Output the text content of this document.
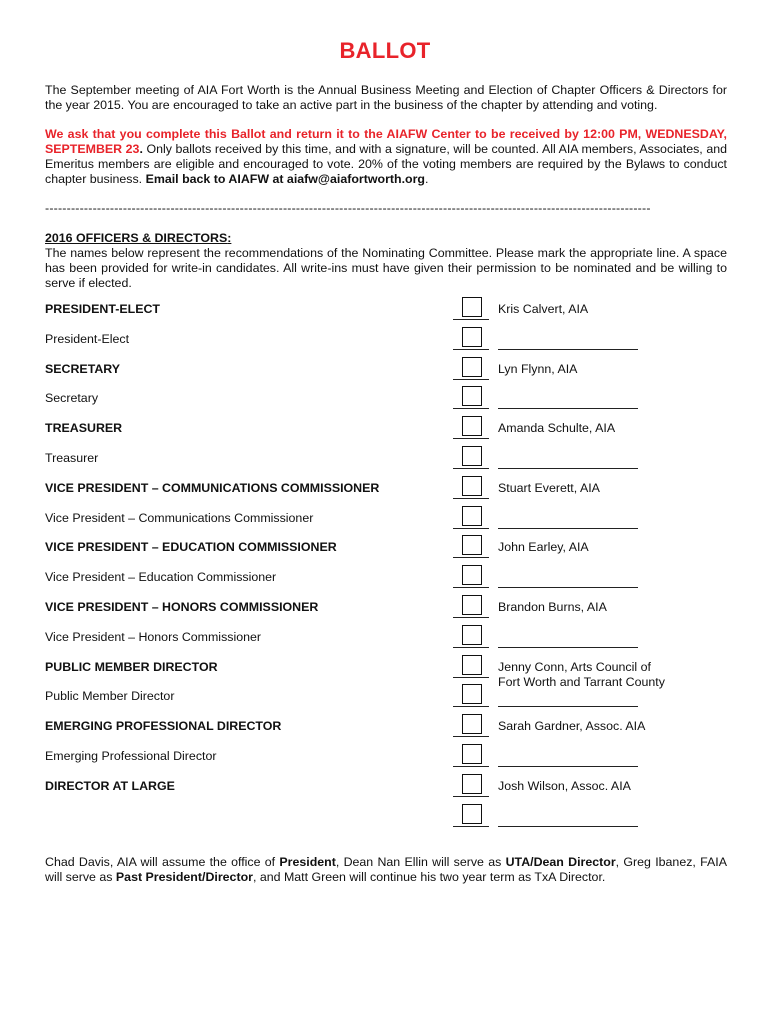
BALLOT
The September meeting of AIA Fort Worth is the Annual Business Meeting and Election of Chapter Officers & Directors for the year 2015. You are encouraged to take an active part in the business of the chapter by attending and voting.
We ask that you complete this Ballot and return it to the AIAFW Center to be received by 12:00 PM, WEDNESDAY, SEPTEMBER 23. Only ballots received by this time, and with a signature, will be counted. All AIA members, Associates, and Emeritus members are eligible and encouraged to vote. 20% of the voting members are required by the Bylaws to conduct chapter business. Email back to AIAFW at aiafw@aiafortworth.org.
--------------------------------------------------------------------------------------------------------------------------------------------
2016 OFFICERS & DIRECTORS:
The names below represent the recommendations of the Nominating Committee. Please mark the appropriate line. A space has been provided for write-in candidates. All write-ins must have given their permission to be nominated and be willing to serve if elected.
PRESIDENT-ELECT	Kris Calvert, AIA
President-Elect
SECRETARY	Lyn Flynn, AIA
Secretary
TREASURER	Amanda Schulte, AIA
Treasurer
VICE PRESIDENT – COMMUNICATIONS COMMISSIONER	Stuart Everett, AIA
Vice President – Communications Commissioner
VICE PRESIDENT – EDUCATION COMMISSIONER	John Earley, AIA
Vice President – Education Commissioner
VICE PRESIDENT – HONORS COMMISSIONER	Brandon Burns, AIA
Vice President – Honors Commissioner
PUBLIC MEMBER DIRECTOR	Jenny Conn, Arts Council of
Fort Worth and Tarrant County
Public Member Director
EMERGING PROFESSIONAL DIRECTOR	Sarah Gardner, Assoc. AIA
Emerging Professional Director
DIRECTOR AT LARGE	Josh Wilson, Assoc. AIA
Chad Davis, AIA will assume the office of President, Dean Nan Ellin will serve as UTA/Dean Director, Greg Ibanez, FAIA will serve as Past President/Director, and Matt Green will continue his two year term as TxA Director.
